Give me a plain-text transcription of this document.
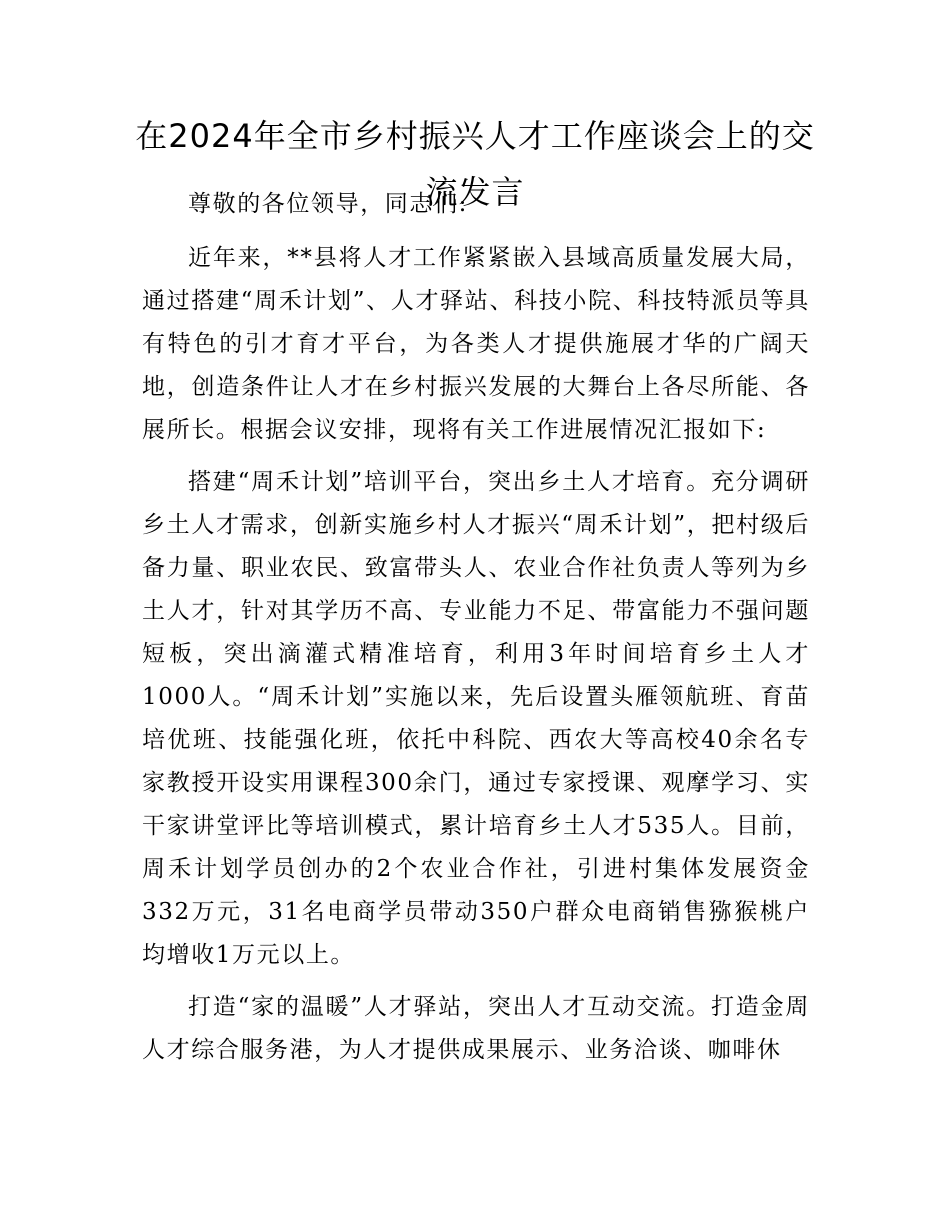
在2024年全市乡村振兴人才工作座谈会上的交流发言

尊敬的各位领导，同志们:

近年来，**县将人才工作紧紧嵌入县域高质量发展大局，通过搭建“周禾计划”、人才驿站、科技小院、科技特派员等具有特色的引才育才平台，为各类人才提供施展才华的广阔天地，创造条件让人才在乡村振兴发展的大舞台上各尽所能、各展所长。根据会议安排，现将有关工作进展情况汇报如下:

搭建“周禾计划”培训平台，突出乡土人才培育。充分调研乡土人才需求，创新实施乡村人才振兴“周禾计划”，把村级后备力量、职业农民、致富带头人、农业合作社负责人等列为乡土人才，针对其学历不高、专业能力不足、带富能力不强问题短板，突出滴灌式精准培育，利用3年时间培育乡土人才1000人。“周禾计划”实施以来，先后设置头雁领航班、育苗培优班、技能强化班，依托中科院、西农大等高校40余名专家教授开设实用课程300余门，通过专家授课、观摩学习、实干家讲堂评比等培训模式，累计培育乡土人才535人。目前，周禾计划学员创办的2个农业合作社，引进村集体发展资金332万元，31名电商学员带动350户群众电商销售猕猴桃户均增收1万元以上。

打造“家的温暖”人才驿站，突出人才互动交流。打造金周人才综合服务港，为人才提供成果展示、业务洽谈、咖啡休
